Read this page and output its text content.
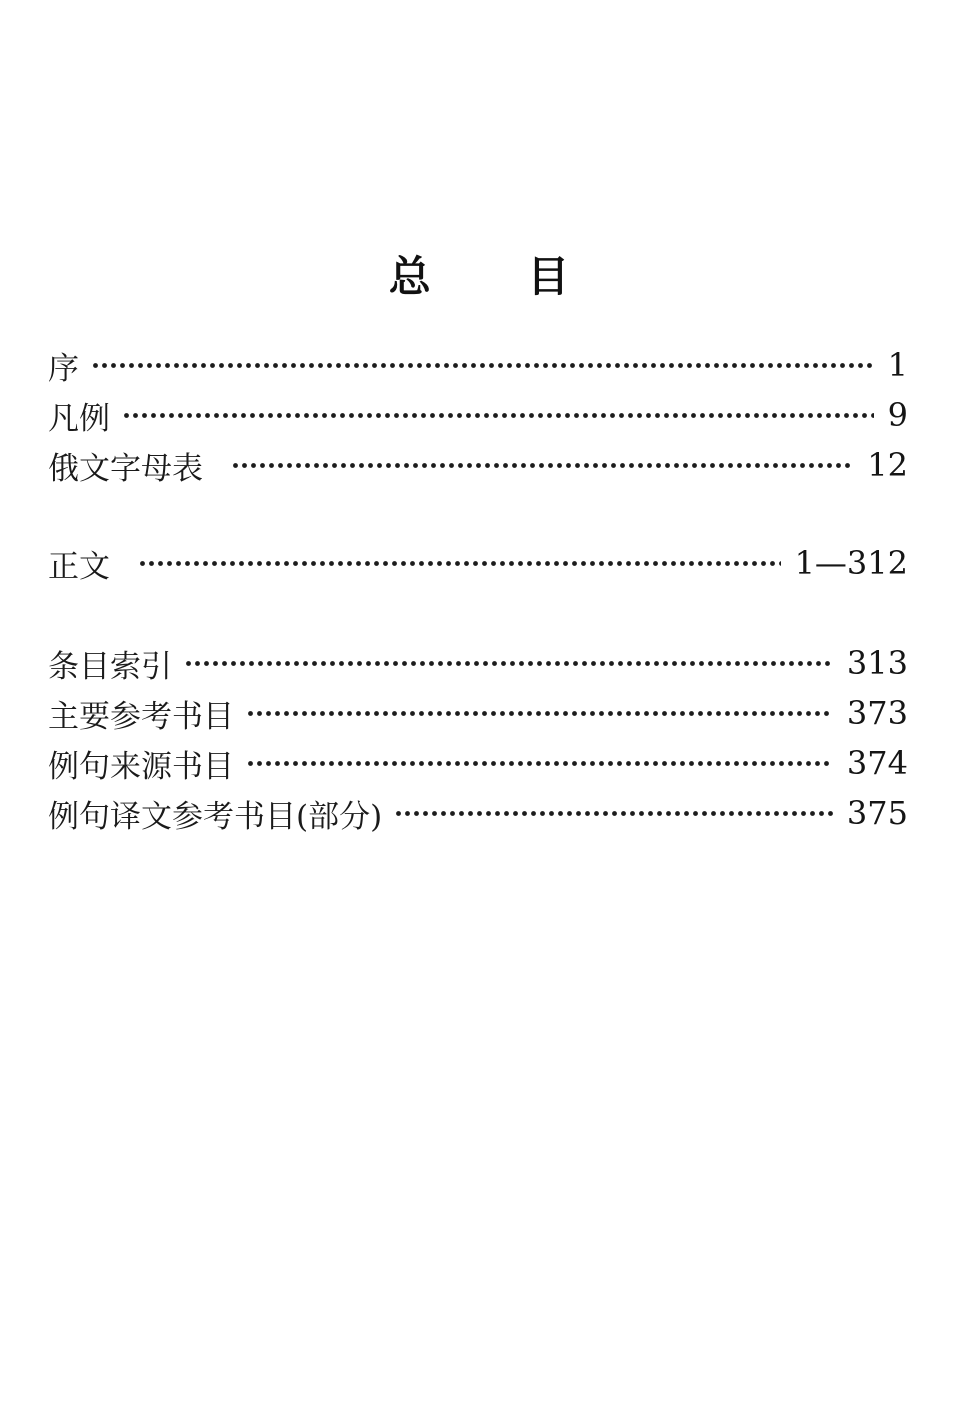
总 目
序	1
凡例	9
俄文字母表	12
正文	1—312
条目索引	313
主要参考书目	373
例句来源书目	374
例句译文参考书目(部分)	375
